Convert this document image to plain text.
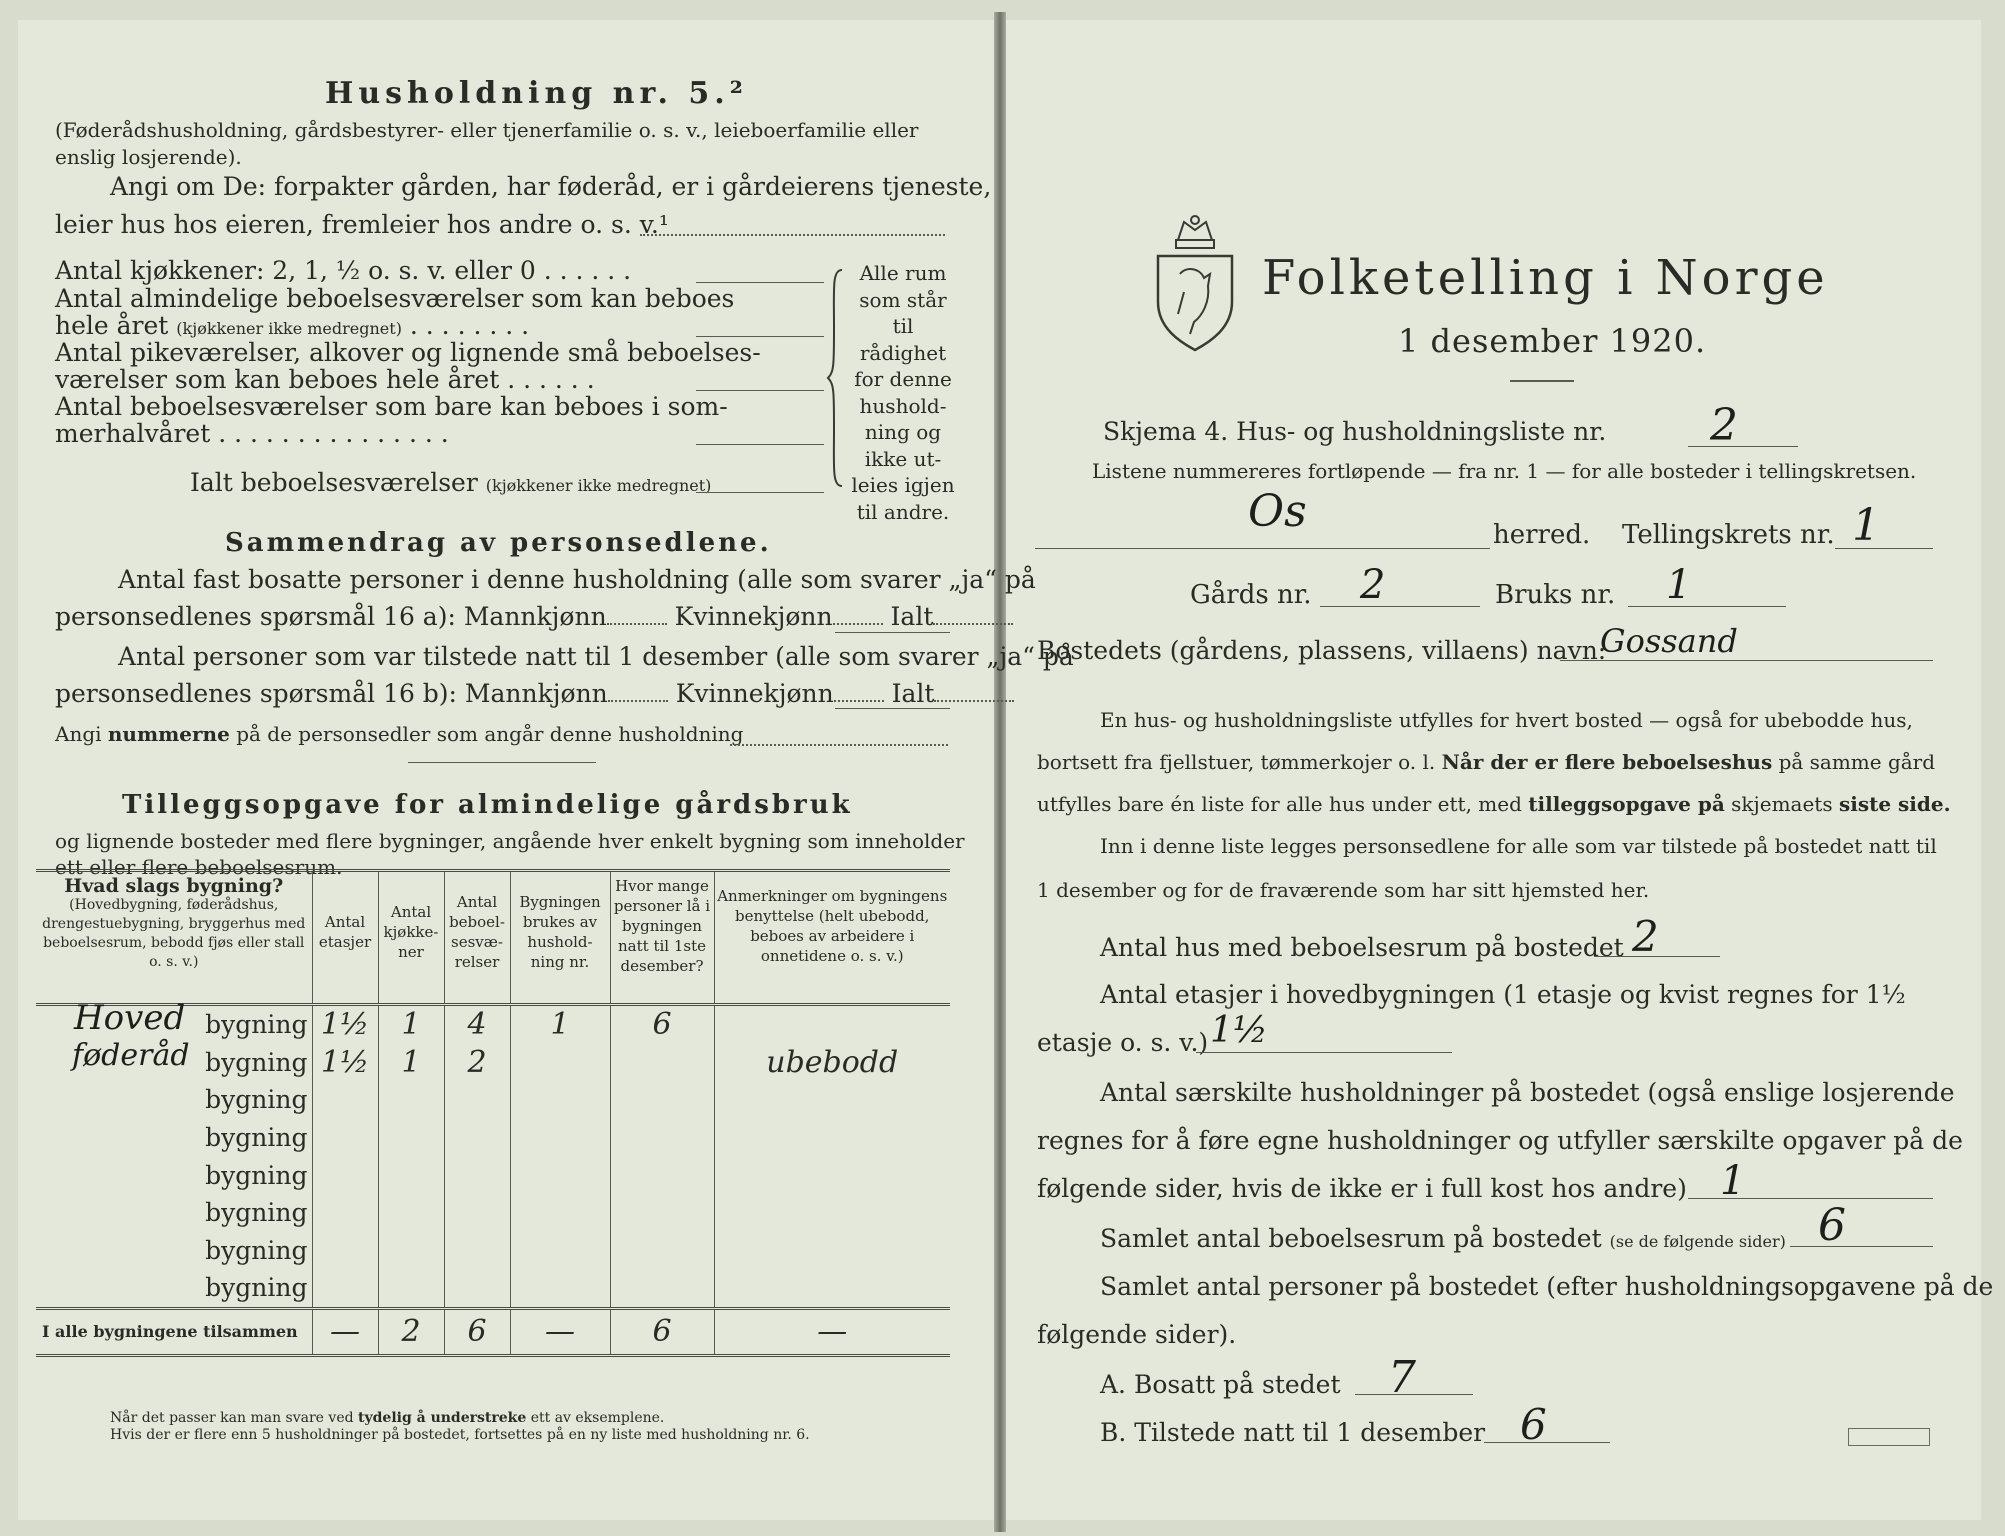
Husholdning nr. 5.²
(Føderådshusholdning, gårdsbestyrer- eller tjenerfamilie o. s. v., leieboerfamilie eller
enslig losjerende).
Angi om De: forpakter gården, har føderåd, er i gårdeierens tjeneste,
leier hus hos eieren, fremleier hos andre o. s. v.¹
Antal kjøkkener: 2, 1, ½ o. s. v. eller 0 . . . . . .
Antal almindelige beboelsesværelser som kan beboes
hele året (kjøkkener ikke medregnet) . . . . . . . .
Antal pikeværelser, alkover og lignende små beboelses-
værelser som kan beboes hele året . . . . . .
Antal beboelsesværelser som bare kan beboes i som-
merhalvåret . . . . . . . . . . . . . . .
Ialt beboelsesværelser (kjøkkener ikke medregnet)
Alle rum
som står til
rådighet
for denne
hushold-
ning og
ikke ut-
leies igjen
til andre.
Sammendrag av personsedlene.
Antal fast bosatte personer i denne husholdning (alle som svarer „ja“ på
personsedlenes spørsmål 16 a): Mannkjønn	Kvinnekjønn Ialt
Antal personer som var tilstede natt til 1 desember (alle som svarer „ja“ på
personsedlenes spørsmål 16 b): Mannkjønn	Kvinnekjønn Ialt
Angi nummerne på de personsedler som angår denne husholdning
Tilleggsopgave for almindelige gårdsbruk
og lignende bosteder med flere bygninger, angående hver enkelt bygning som inneholder
ett eller flere beboelsesrum.
Hvad slags bygning?
(Hovedbygning, føderådshus, drengestuebygning, bryggerhus med beboelsesrum, bebodd fjøs eller stall o. s. v.)	Antal etasjer	Antal kjøkke-ner	Antal beboel-sesvæ-relser	Bygningen brukes av hushold-ning nr.	Hvor mange personer lå i bygningen natt til 1ste desember?	Anmerkninger om bygningens benyttelse (helt ubebodd, beboes av arbeidere i onnetidene o. s. v.)

Hoved bygning	1½	1	4	1	6	

føderåd bygning	1½	1	2			ubebodd
bygning						
bygning						
bygning						
bygning						
bygning						
bygning						
I alle bygningene tilsammen	—	2	6	—	6	—
Når det passer kan man svare ved tydelig å understreke ett av eksemplene.
Hvis der er flere enn 5 husholdninger på bostedet, fortsettes på en ny liste med husholdning nr. 6.
Folketelling i Norge
1 desember 1920.
Skjema 4. Hus- og husholdningsliste nr. 2
Listene nummereres fortløpende — fra nr. 1 — for alle bosteder i tellingskretsen.
Os	herred. Tellingskrets nr. 1
Gårds nr. 2	Bruks nr. 1
Bostedets (gårdens, plassens, villaens) navn:
Gossand
En hus- og husholdningsliste utfylles for hvert bosted — også for ubebodde hus,
bortsett fra fjellstuer, tømmerkojer o. l. Når der er flere beboelseshus på samme gård
utfylles bare én liste for alle hus under ett, med tilleggsopgave på skjemaets siste side.
Inn i denne liste legges personsedlene for alle som var tilstede på bostedet natt til
1 desember og for de fraværende som har sitt hjemsted her.
Antal hus med beboelsesrum på bostedet 2
Antal etasjer i hovedbygningen (1 etasje og kvist regnes for 1½
etasje o. s. v.) 1½
Antal særskilte husholdninger på bostedet (også enslige losjerende
regnes for å føre egne husholdninger og utfyller særskilte opgaver på de
følgende sider, hvis de ikke er i full kost hos andre) 1
Samlet antal beboelsesrum på bostedet (se de følgende sider) 6
Samlet antal personer på bostedet (efter husholdningsopgavene på de
følgende sider).
A. Bosatt på stedet 7
B. Tilstede natt til 1 desember 6
